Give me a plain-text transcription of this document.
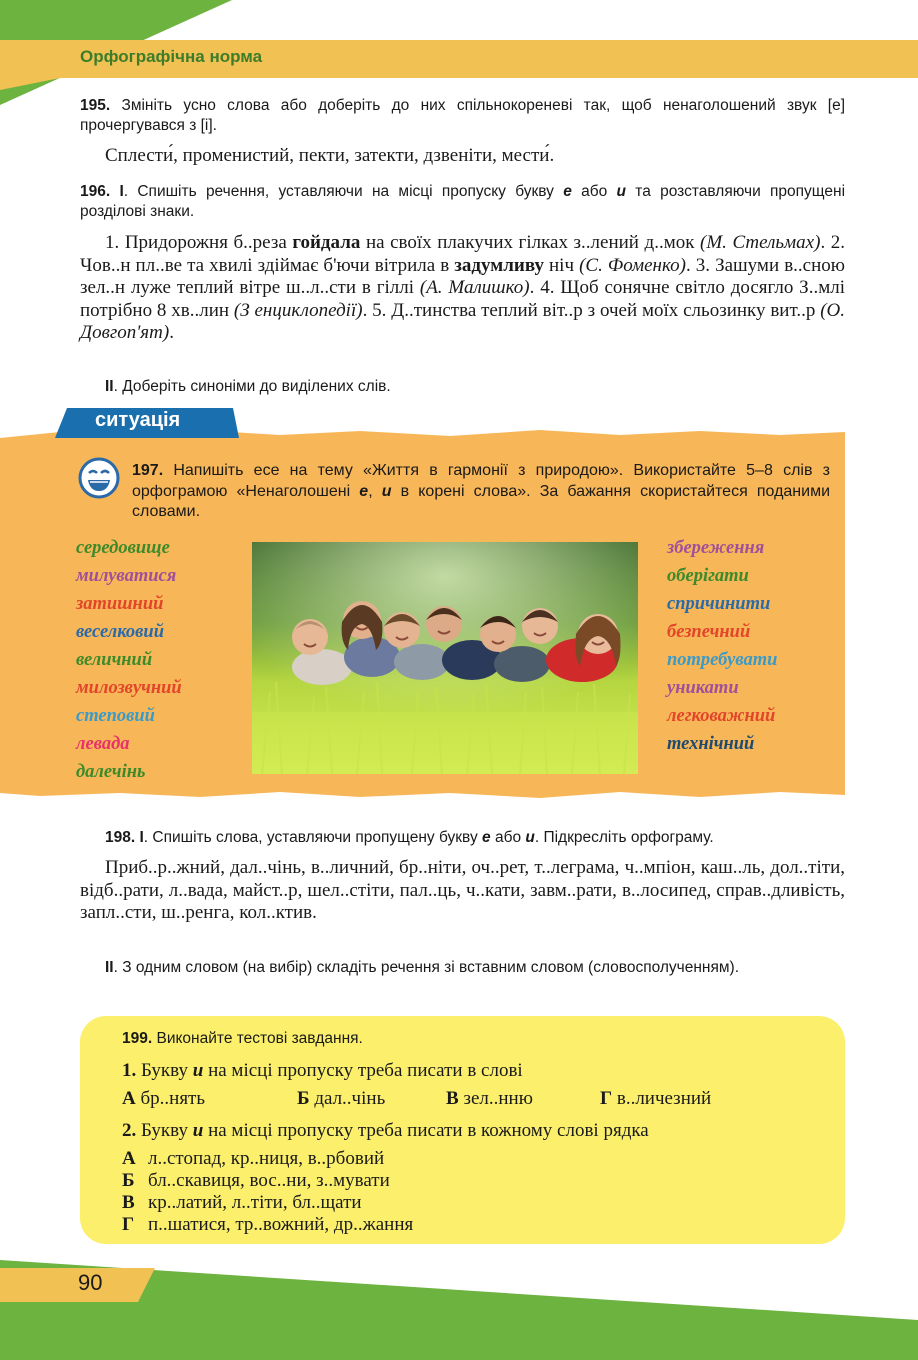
Орфографічна норма
195. Змініть усно слова або доберіть до них спільнокореневі так, щоб ненаголошений звук [е] прочергувався з [і].
Сплести́, променистий, пекти, затекти, дзвеніти, мести́.
196. І. Спишіть речення, уставляючи на місці пропуску букву е або и та розставляючи пропущені розділові знаки.
1. Придорожня б..реза гойдала на своїх плакучих гілках з..лений д..мок (М. Стельмах). 2. Чов..н пл..ве та хвилі здіймає б'ючи вітрила в задумливу ніч (С. Фоменко). 3. Зашуми в..сною зел..н луже теплий вітре ш..л..сти в гіллі (А. Малишко). 4. Щоб сонячне світло досягло З..млі потрібно 8 хв..лин (З енциклопедії). 5. Д..тинства теплий віт..р з очей моїх сльозинку вит..р (О. Довгоп'ят).
ІІ. Доберіть синоніми до виділених слів.
ситуація
197. Напишіть есе на тему «Життя в гармонії з природою». Використайте 5–8 слів з орфограмою «Ненаголошені е, и в корені слова». За бажання скористайтеся поданими словами.
середовище
милуватися
затишний
веселковий
величний
милозвучний
степовий
левада
далечінь
збереження
оберігати
спричинити
безпечний
потребувати
уникати
легковажний
технічний
198. І. Спишіть слова, уставляючи пропущену букву е або и. Підкресліть орфограму.
Приб..р..жний, дал..чінь, в..личний, бр..ніти, оч..рет, т..леграма, ч..мпіон, каш..ль, дол..тіти, відб..рати, л..вада, майст..р, шел..стіти, пал..ць, ч..кати, завм..рати, в..лосипед, справ..дливість, запл..сти, ш..ренга, кол..ктив.
ІІ. З одним словом (на вибір) складіть речення зі вставним словом (словосполученням).
199. Виконайте тестові завдання.
1. Букву и на місці пропуску треба писати в слові
А бр..нять	Б дал..чінь	В зел..нню	Г в..личезний
2. Букву и на місці пропуску треба писати в кожному слові рядка
А л..стопад, кр..ниця, в..рбовий
Б бл..скавиця, вос..ни, з..мувати
В кр..латий, л..тіти, бл..щати
Г п..шатися, тр..вожний, др..жання
90
